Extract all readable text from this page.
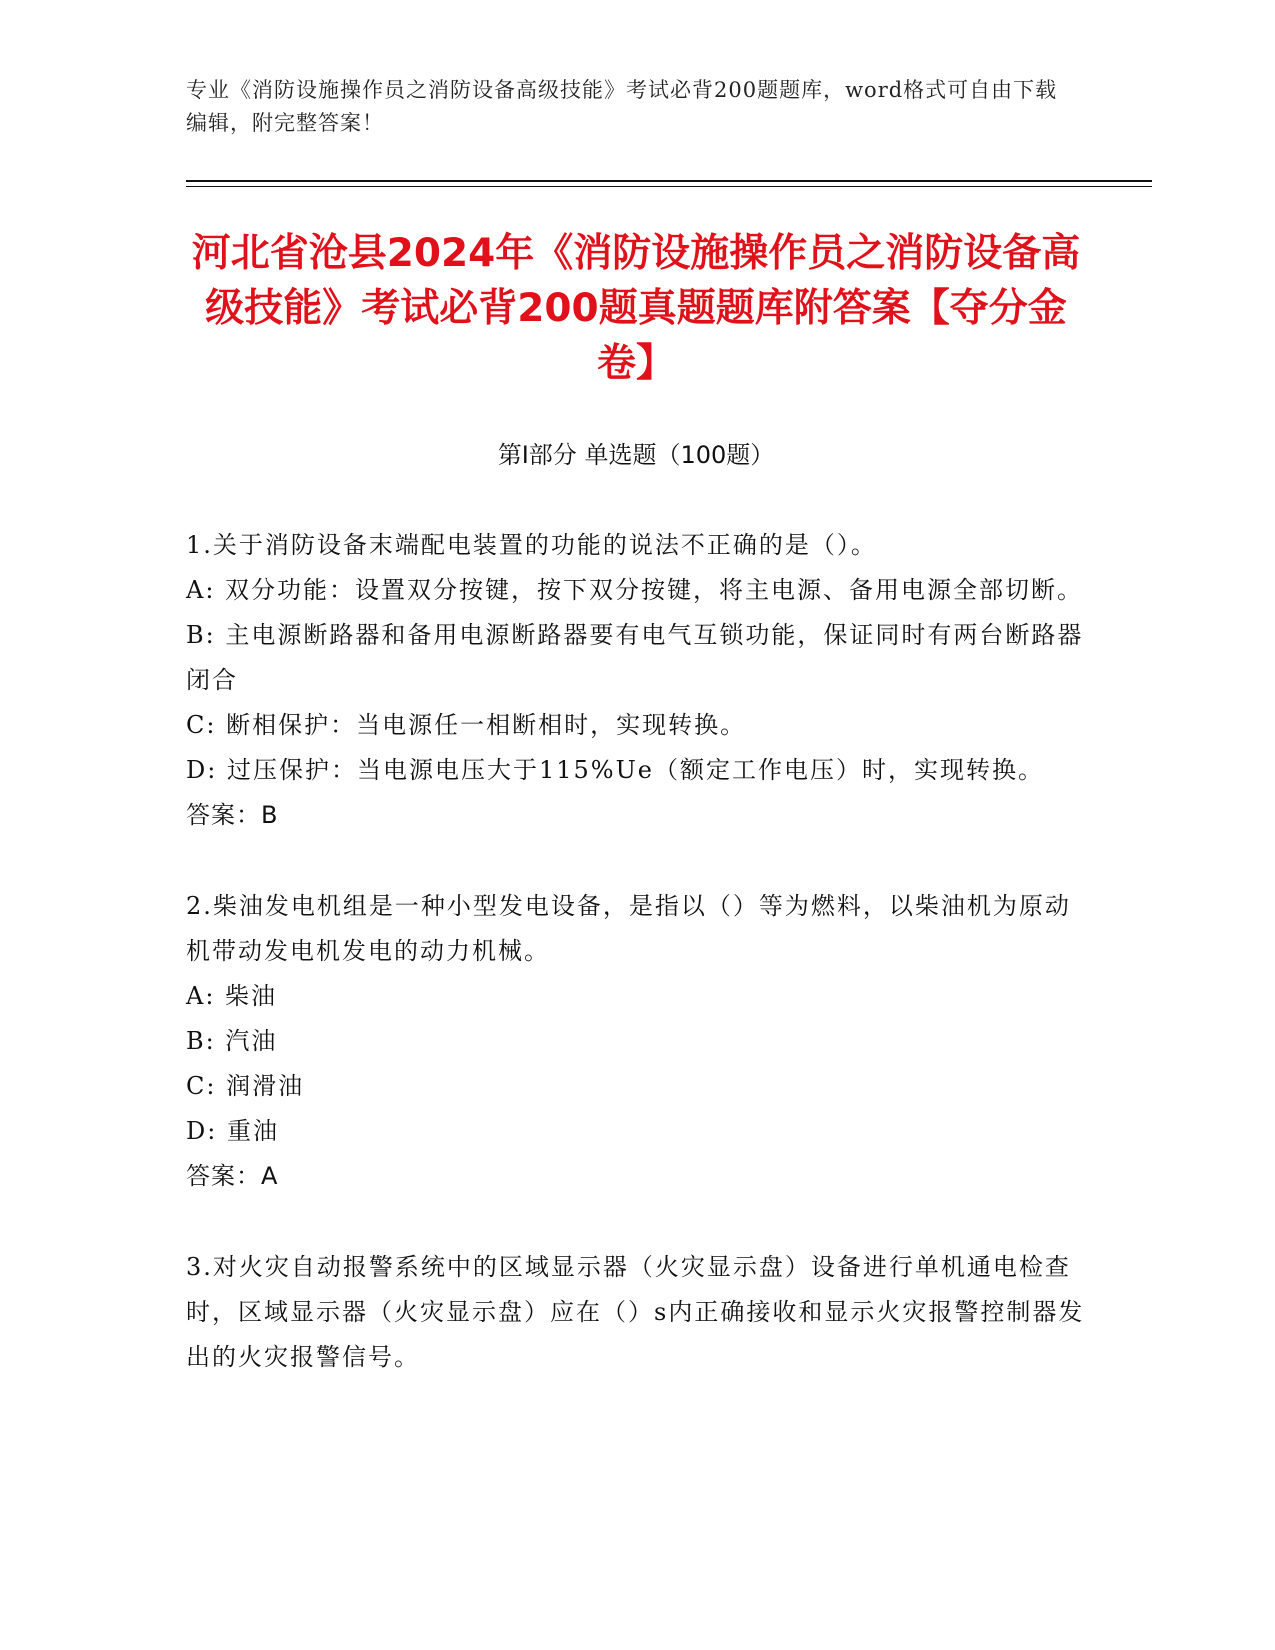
专业《消防设施操作员之消防设备高级技能》考试必背200题题库，word格式可自由下载编辑，附完整答案！
河北省沧县2024年《消防设施操作员之消防设备高级技能》考试必背200题真题题库附答案【夺分金卷】
第Ⅰ部分 单选题（100题）

1.关于消防设备末端配电装置的功能的说法不正确的是（）。

A: 双分功能：设置双分按键，按下双分按键，将主电源、备用电源全部切断。

B: 主电源断路器和备用电源断路器要有电气互锁功能，保证同时有两台断路器闭合

C: 断相保护：当电源任一相断相时，实现转换。

D: 过压保护：当电源电压大于115%Ue（额定工作电压）时，实现转换。

答案：B

2.柴油发电机组是一种小型发电设备，是指以（）等为燃料，以柴油机为原动机带动发电机发电的动力机械。

A: 柴油

B: 汽油

C: 润滑油

D: 重油

答案：A

3.对火灾自动报警系统中的区域显示器（火灾显示盘）设备进行单机通电检查时，区域显示器（火灾显示盘）应在（）s内正确接收和显示火灾报警控制器发出的火灾报警信号。
